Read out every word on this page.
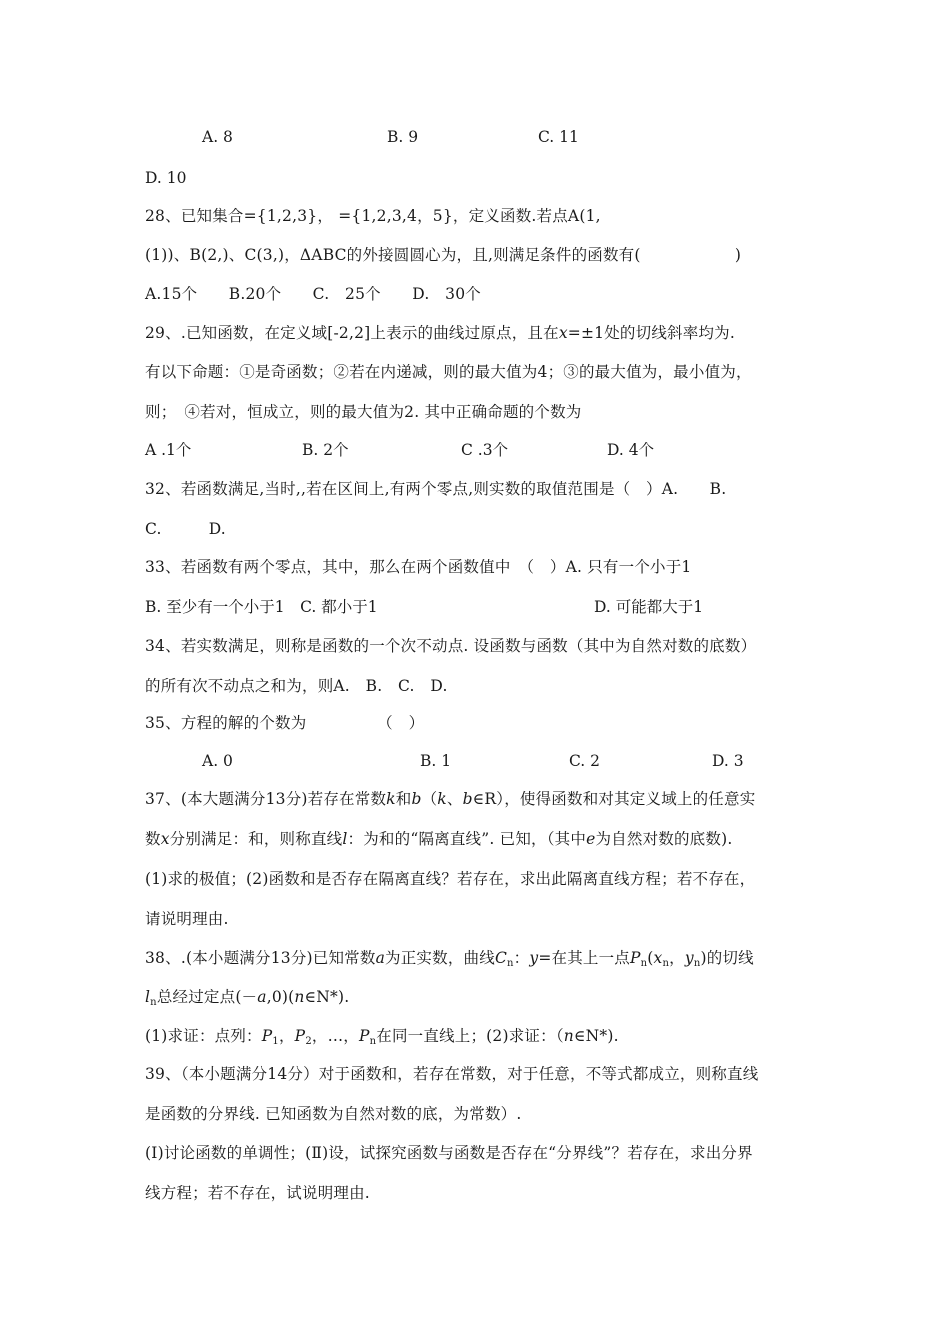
A. 8	B. 9	C. 11
D. 10
28、已知集合={1,2,3}， ={1,2,3,4，5}，定义函数.若点A(1,
(1))、B(2,)、C(3,)，ΔABC的外接圆圆心为，且,则满足条件的函数有(　　　　　　)
A.15个　　B.20个　　C.　25个　　D.　30个
29、.已知函数，在定义域[-2,2]上表示的曲线过原点，且在x=±1处的切线斜率均为.
有以下命题：①是奇函数；②若在内递减，则的最大值为4；③的最大值为，最小值为，
则；　④若对，恒成立，则的最大值为2. 其中正确命题的个数为
A .1个	B. 2个	C .3个	D. 4个
32、若函数满足,当时,,若在区间上,有两个零点,则实数的取值范围是（　）A.　　B.
C.　　　D.
33、若函数有两个零点，其中，那么在两个函数值中　（　）A. 只有一个小于1
B. 至少有一个小于1　C. 都小于1	D. 可能都大于1
34、若实数满足，则称是函数的一个次不动点. 设函数与函数（其中为自然对数的底数）
的所有次不动点之和为，则A.　B.　C.　D.
35、方程的解的个数为　　　　　（　）
A. 0	B. 1	C. 2	D. 3
37、(本大题满分13分)若存在常数k和b（k、b∈R），使得函数和对其定义域上的任意实
数x分别满足：和，则称直线l：为和的“隔离直线”. 已知，（其中e为自然对数的底数).
(1)求的极值；(2)函数和是否存在隔离直线？若存在，求出此隔离直线方程；若不存在，
请说明理由.
38、.(本小题满分13分)已知常数a为正实数，曲线$C_n$：y=在其上一点$P_n(x_n$，$y_n$)的切线
$l_n$总经过定点(－a,0)(n∈N*).
(1)求证：点列：$P_1$，$P_2$，…，$P_n$在同一直线上；(2)求证：（n∈N*).
39、（本小题满分14分）对于函数和，若存在常数，对于任意，不等式都成立，则称直线
是函数的分界线. 已知函数为自然对数的底，为常数）.
(Ⅰ)讨论函数的单调性；(Ⅱ)设，试探究函数与函数是否存在“分界线”？若存在，求出分界
线方程；若不存在，试说明理由.
